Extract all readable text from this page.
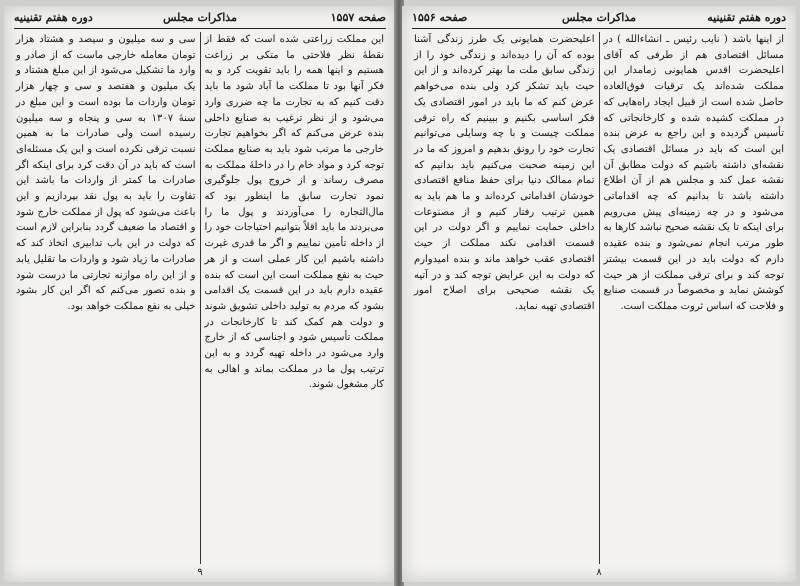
صفحه ۱۵۵۷
مذاکرات مجلس
دوره هفتم تقنینیه
این مملکت زراعتی شده است که فقط از نقطهٔ نظر فلاحتی ما متکی بر زراعت هستیم و اینها همه را باید تقویت کرد و به فکر آنها بود تا مملکت ما آباد شود ما باید دقت کنیم که به تجارت ما چه ضرری وارد می‌شود و از نظر ترغیب به صنایع داخلی بنده عرض می‌کنم که اگر بخواهیم تجارت خارجی ما مرتب شود باید به صنایع مملکت توجه کرد و مواد خام را در داخلهٔ مملکت به مصرف رساند و از خروج پول جلوگیری نمود تجارت سابق ما اینطور بود که مال‌التجاره را می‌آوردند و پول ما را می‌بردند ما باید اقلاً بتوانیم احتیاجات خود را از داخله تأمین نماییم و اگر ما قدری غیرت داشته باشیم این کار عملی است و از هر حیث به نفع مملکت است این است که بنده عقیده دارم باید در این قسمت یک اقدامی بشود که مردم به تولید داخلی تشویق شوند و دولت هم کمک کند تا کارخانجات در مملکت تأسیس شود و اجناسی که از خارج وارد می‌شود در داخله تهیه گردد و به این ترتیب پول ما در مملکت بماند و اهالی به کار مشغول شوند.
سی و سه میلیون و سیصد و هشتاد هزار تومان معامله خارجی ماست که از صادر و وارد ما تشکیل می‌شود از این مبلغ هشتاد و یک میلیون و هفتصد و سی و چهار هزار تومان واردات ما بوده است و این مبلغ در سنهٔ ۱۳۰۷ به سی و پنجاه و سه میلیون رسیده است ولی صادرات ما به همین نسبت ترقی نکرده است و این یک مسئله‌ای است که باید در آن دقت کرد برای اینکه اگر صادرات ما کمتر از واردات ما باشد این تفاوت را باید به پول نقد بپردازیم و این باعث می‌شود که پول از مملکت خارج شود و اقتصاد ما ضعیف گردد بنابراین لازم است که دولت در این باب تدابیری اتخاذ کند که صادرات ما زیاد شود و واردات ما تقلیل یابد و از این راه موازنه تجارتی ما درست شود و بنده تصور می‌کنم که اگر این کار بشود خیلی به نفع مملکت خواهد بود.
۹
صفحه ۱۵۵۶	مذاکرات مجلس	دوره هفتم تقنینیه
از اینها باشد ( نایب رئیس ـ انشاءالله ) در مسائل اقتصادی هم از طرفی که آقای اعلیحضرت اقدس همایونی زمامدار این مملکت شده‌اند یک ترقیات فوق‌العاده حاصل شده است از قبیل ایجاد راه‌هایی که در مملکت کشیده شده و کارخانجاتی که تأسیس گردیده و این راجع به عرض بنده این است که باید در مسائل اقتصادی یک نقشه‌ای داشته باشیم که دولت مطابق آن نقشه عمل کند و مجلس هم از آن اطلاع داشته باشد تا بدانیم که چه اقداماتی می‌شود و در چه زمینه‌ای پیش می‌رویم برای اینکه تا یک نقشه صحیح نباشد کارها به طور مرتب انجام نمی‌شود و بنده عقیده دارم که دولت باید در این قسمت بیشتر توجه کند و برای ترقی مملکت از هر حیث کوشش نماید و مخصوصاً در قسمت صنایع و فلاحت که اساس ثروت مملکت است.
اعلیحضرت همایونی یک طرز زندگی آشنا بوده که آن را دیده‌اند و زندگی خود را از زندگی سابق ملت ما بهتر کرده‌اند و از این حیث باید تشکر کرد ولی بنده می‌خواهم عرض کنم که ما باید در امور اقتصادی یک فکر اساسی بکنیم و ببینیم که راه ترقی مملکت چیست و با چه وسایلی می‌توانیم تجارت خود را رونق بدهیم و امروز که ما در این زمینه صحبت می‌کنیم باید بدانیم که تمام ممالک دنیا برای حفظ منافع اقتصادی خودشان اقداماتی کرده‌اند و ما هم باید به همین ترتیب رفتار کنیم و از مصنوعات داخلی حمایت نماییم و اگر دولت در این قسمت اقدامی نکند مملکت از حیث اقتصادی عقب خواهد ماند و بنده امیدوارم که دولت به این عرایض توجه کند و در آتیه یک نقشه صحیحی برای اصلاح امور اقتصادی تهیه نماید.
۸
